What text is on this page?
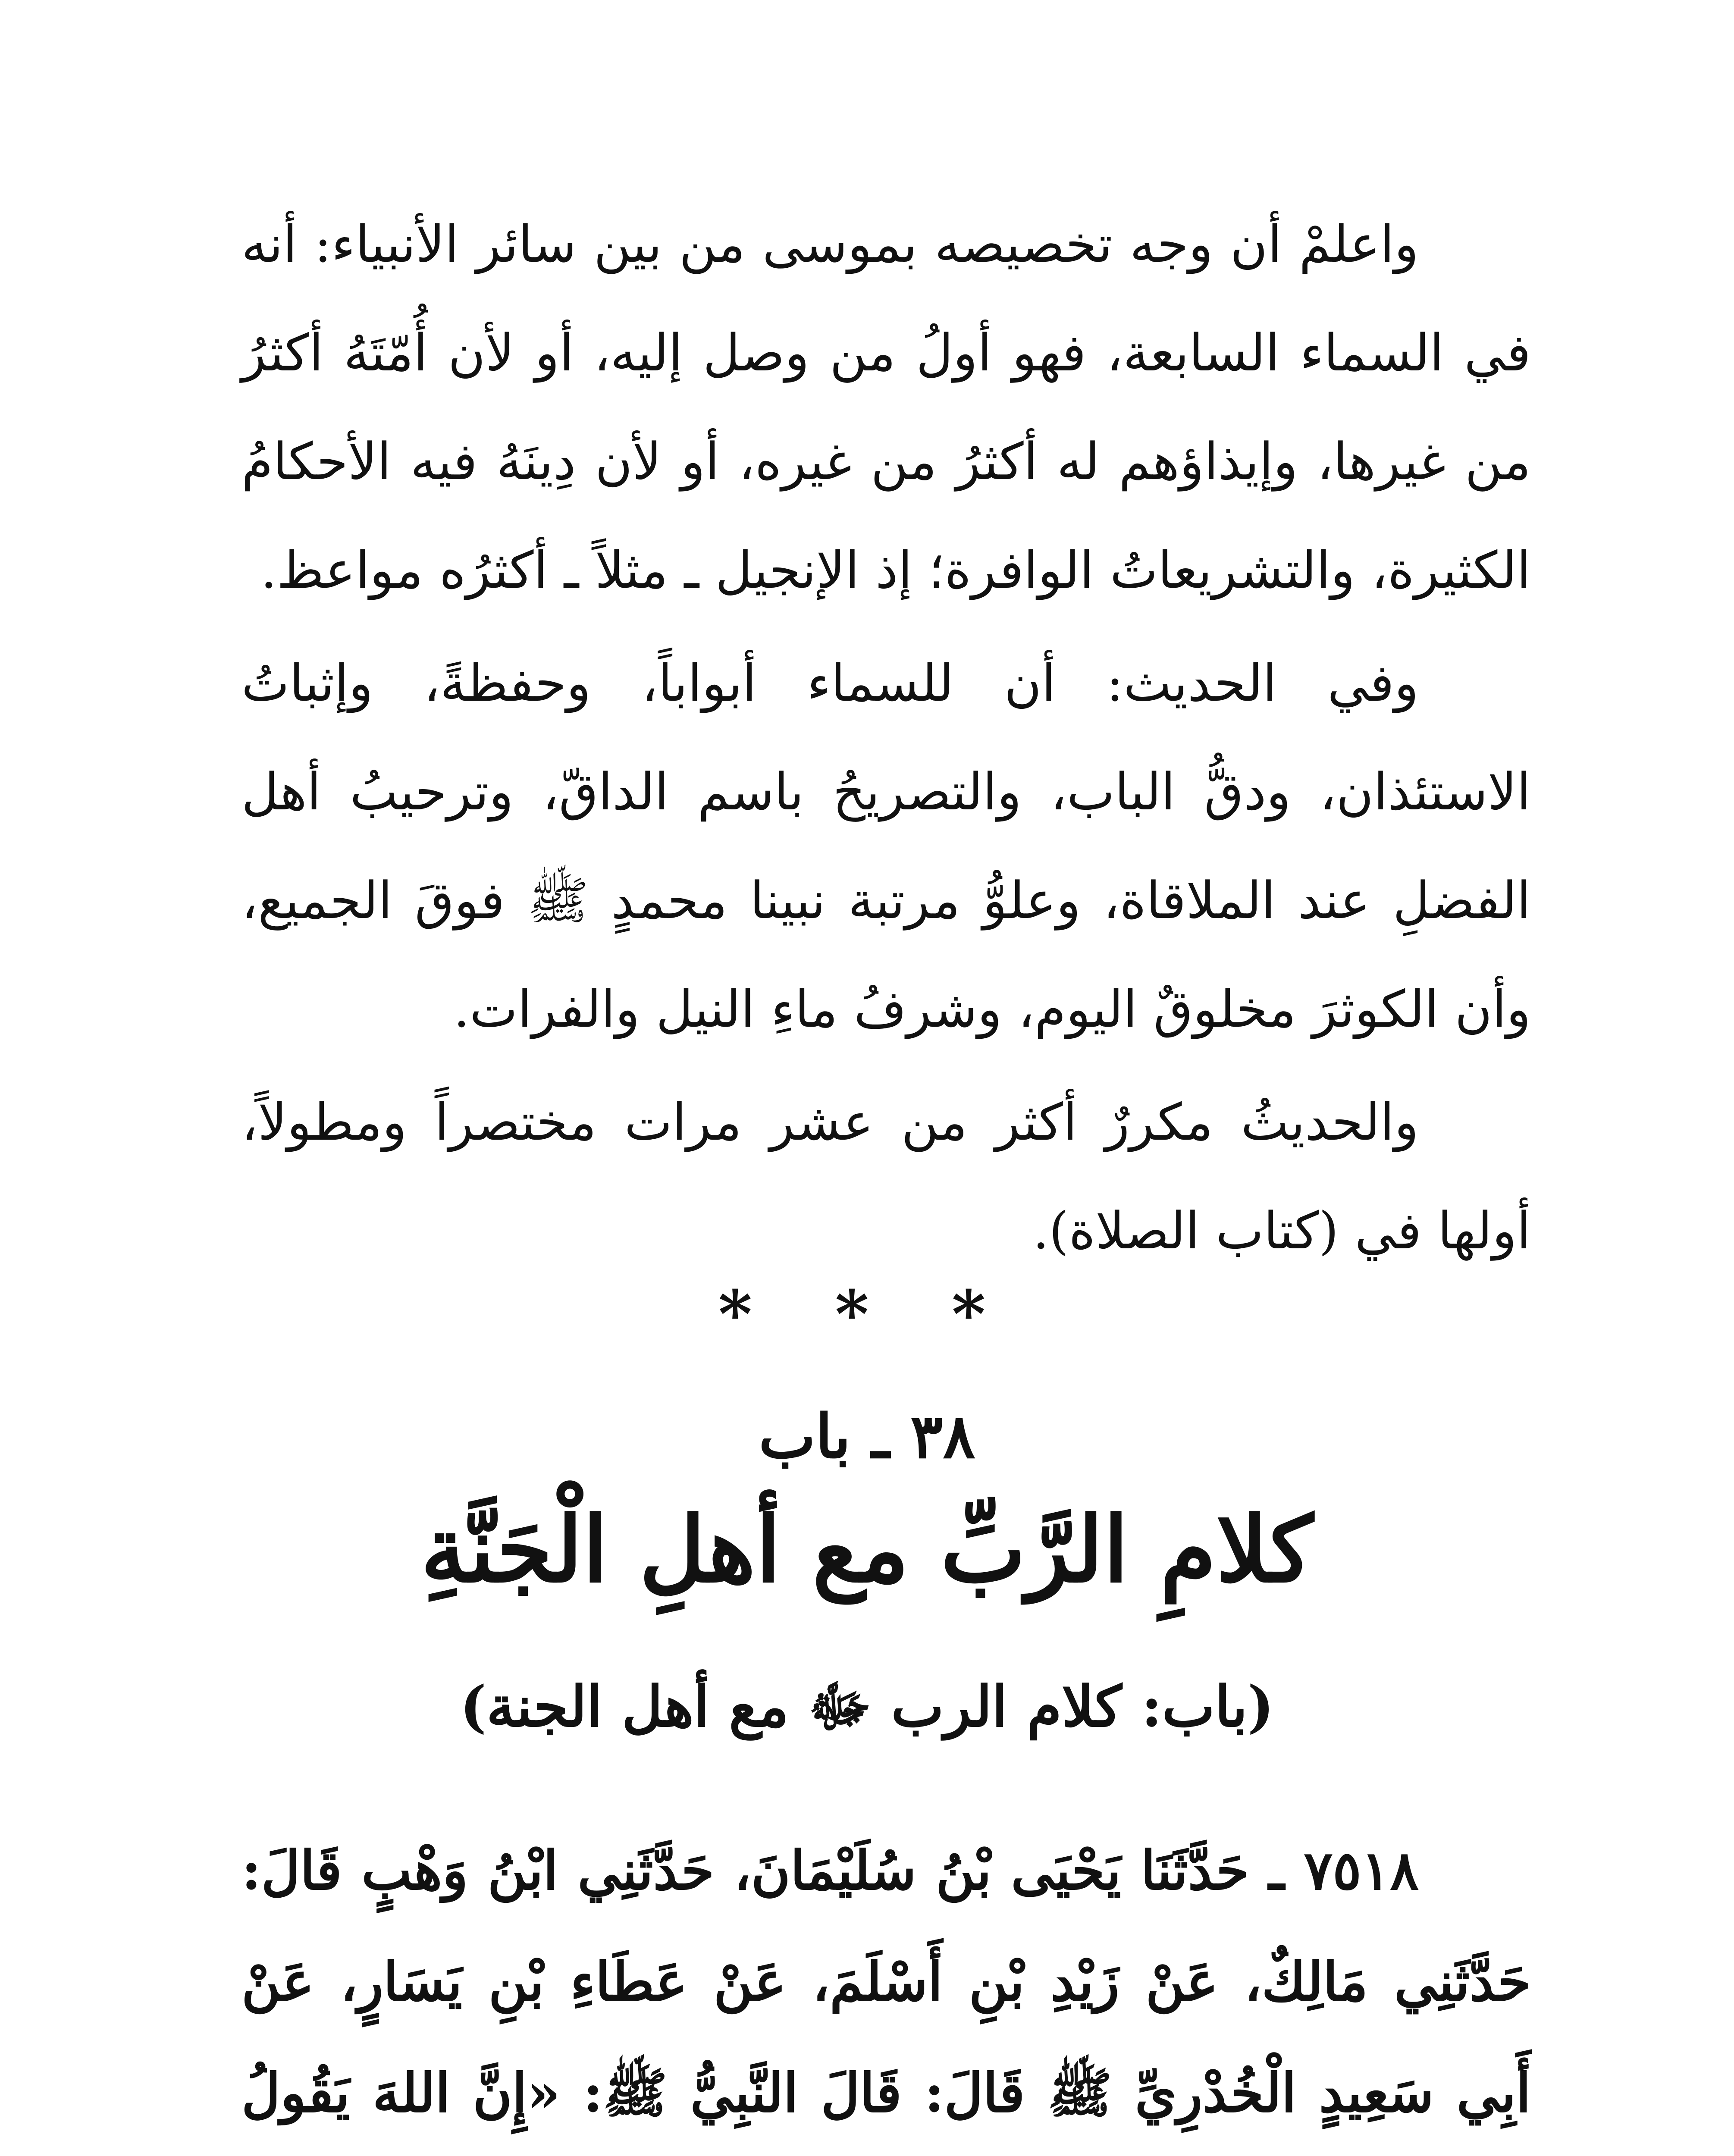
واعلمْ أن وجه تخصيصه بموسى من بين سائر الأنبياء: أنه في السماء السابعة، فهو أولُ من وصل إليه، أو لأن أُمّتَهُ أكثرُ من غيرها، وإيذاؤهم له أكثرُ من غيره، أو لأن دِينَهُ فيه الأحكامُ الكثيرة، والتشريعاتُ الوافرة؛ إذ الإنجيل ـ مثلاً ـ أكثرُه مواعظ.

وفي الحديث: أن للسماء أبواباً، وحفظةً، وإثباتُ الاستئذان، ودقُّ الباب، والتصريحُ باسم الداقّ، وترحيبُ أهل الفضلِ عند الملاقاة، وعلوُّ مرتبة نبينا محمدٍ ﷺ فوقَ الجميع، وأن الكوثرَ مخلوقٌ اليوم، وشرفُ ماءِ النيل والفرات.

والحديثُ مكررٌ أكثر من عشر مرات مختصراً ومطولاً، أولها في (كتاب الصلاة).

* * *
٣٨ ـ باب
كلامِ الرَّبِّ مع أهلِ الْجَنَّةِ
(باب: كلام الرب ﷻ مع أهل الجنة)

٧٥١٨ ـ حَدَّثَنَا يَحْيَى بْنُ سُلَيْمَانَ، حَدَّثَنِي ابْنُ وَهْبٍ قَالَ: حَدَّثَنِي مَالِكٌ، عَنْ زَيْدِ بْنِ أَسْلَمَ، عَنْ عَطَاءِ بْنِ يَسَارٍ، عَنْ أَبِي سَعِيدٍ الْخُدْرِيِّ ﷺ قَالَ: قَالَ النَّبِيُّ ﷺ: «إِنَّ اللهَ يَقُولُ
